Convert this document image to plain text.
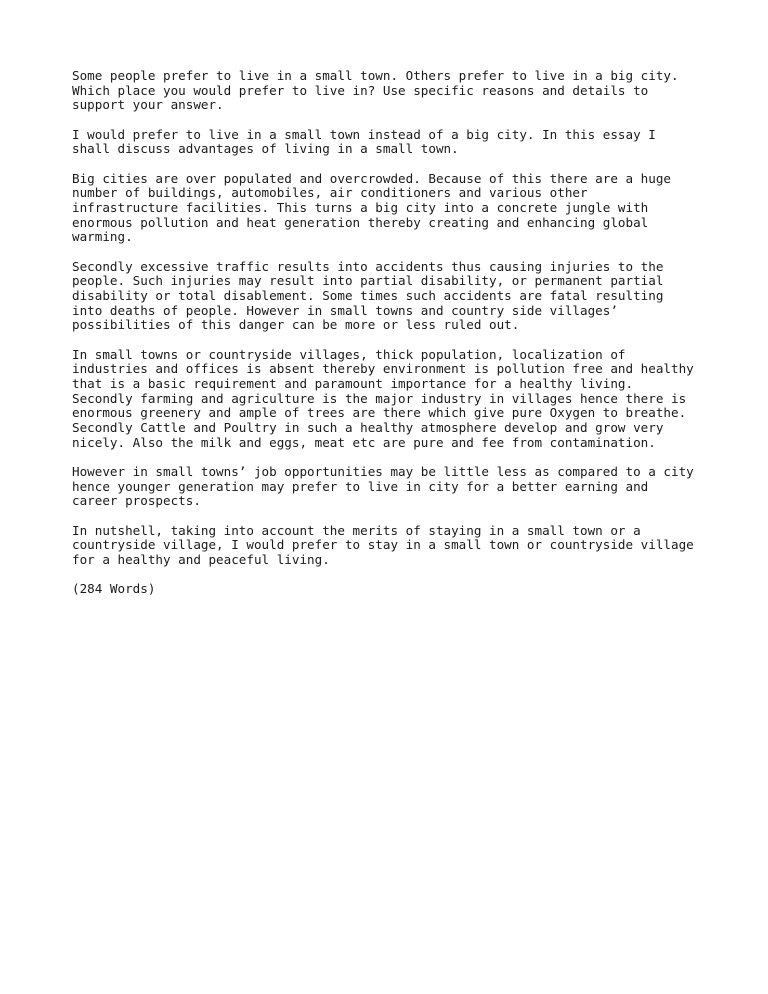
Some people prefer to live in a small town. Others prefer to live in a big city.
Which place you would prefer to live in? Use specific reasons and details to
support your answer.

I would prefer to live in a small town instead of a big city. In this essay I
shall discuss advantages of living in a small town.

Big cities are over populated and overcrowded. Because of this there are a huge
number of buildings, automobiles, air conditioners and various other
infrastructure facilities. This turns a big city into a concrete jungle with
enormous pollution and heat generation thereby creating and enhancing global
warming.

Secondly excessive traffic results into accidents thus causing injuries to the
people. Such injuries may result into partial disability, or permanent partial
disability or total disablement. Some times such accidents are fatal resulting
into deaths of people. However in small towns and country side villages’
possibilities of this danger can be more or less ruled out.

In small towns or countryside villages, thick population, localization of
industries and offices is absent thereby environment is pollution free and healthy
that is a basic requirement and paramount importance for a healthy living.
Secondly farming and agriculture is the major industry in villages hence there is
enormous greenery and ample of trees are there which give pure Oxygen to breathe.
Secondly Cattle and Poultry in such a healthy atmosphere develop and grow very
nicely. Also the milk and eggs, meat etc are pure and fee from contamination.

However in small towns’ job opportunities may be little less as compared to a city
hence younger generation may prefer to live in city for a better earning and
career prospects.

In nutshell, taking into account the merits of staying in a small town or a
countryside village, I would prefer to stay in a small town or countryside village
for a healthy and peaceful living.

(284 Words)
